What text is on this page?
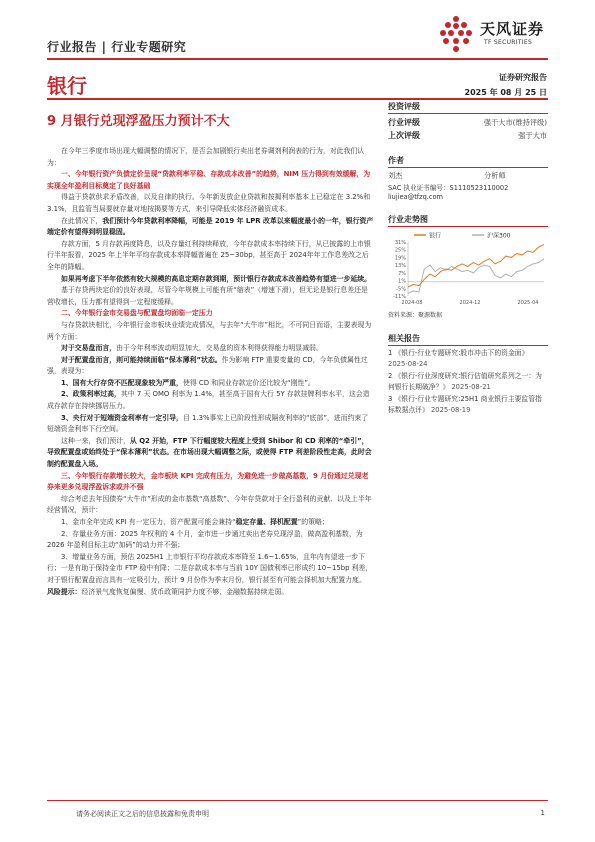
行业报告 | 行业专题研究
天风证券
TF SECURITIES
银行	证券研究报告
2025 年 08 月 25 日
9 月银行兑现浮盈压力预计不大
投资评级
行业评级	强于大市(维持评级)
上次评级	强于大市
作者
刘杰	分析师
SAC 执业证书编号：S1110523110002
liujiea@tfzq.com
行业走势图
银行	沪深300
31%
25%
19%
13%
7%
1%
-5%
-11%
2024-08	2024-12	2025-04
资料来源：聚源数据
相关报告
1 《银行-行业专题研究:股市冲击下的资金面》 2025-08-24
2 《银行-行业深度研究:银行估值研究系列之一：为何银行长期破净？》 2025-08-21
3 《银行-行业专题研究:25H1 商业银行主要监管指标数据点评》 2025-08-19

在今年三季度市场出现大幅调整的情况下，是否会加剧银行卖出老券调剂利润表的行为，对此我们认为：

一、今年银行资产负债定价呈现“贷款利率平稳、存款成本改善”的趋势，NIM 压力得到有效缓解，为实现全年盈利目标奠定了良好基础

得益于贷款供求矛盾改善，以及自律的执行。今年新发放企业贷款和按揭利率基本上已稳定在 3.2%和 3.1%，且监管当局要就存量对地按揭要等方式，来引导降低实体经济融资成本。

在此情况下，我们预计今年贷款利率降幅，可能是 2019 年 LPR 改革以来幅度最小的一年，银行资产端定价有望得到明显稳固。

存款方面，5 月存款再度降息，以及存量红利持续释放，今年存款成本率持续下行，从已披露的上市银行半年报看，2025 年上半年平均存款成本率降幅普遍在 25~30bp，甚至高于 2024年年工作息差改之后全年的降幅。

如果再考虑下半年依然有较大规模的高息定期存款到期，预计银行存款成本改善趋势有望进一步延续。

基于存贷两块定价的良好表现，尽管今年规模上可能有所“缩表”（增速下滑），但无论是银行息差还是营收增长，压力都有望得到一定程度缓释。

二、今年银行金市交易盘与配置盘均面临一定压力

与存贷款块相比，今年银行金市板块业绩完成情况，与去年“大牛市”相比，不可同日而语，主要表现为两个方面：

对于交易盘而言，由于今年利率波动明显加大，交易盘的资本利得获得能力明显减弱。

对于配置盘而言，则可能持续面临“保本薄利”状态。作为影响 FTP 重要变量的 CD，今年负债属性过强，表现为：

1、国有大行存贷不匹配现象较为严重，使得 CD 和同业存款定价还比较为“刚性”。

2、政策利率过高，其中 7 天 OMO 利率为 1.4%，甚至高于国有大行 5Y 存款挂牌利率水平，这会造成存款存在持续挪居压力。

3、央行对于短端资金利率有一定引导，目 1.3%事实上已阶段性形成隔夜利率的“底部”，进而约束了短端资金利率下行空间。

这种一来，我们预计，从 Q2 开始，FTP 下行幅度较大程度上受到 Shibor 和 CD 利率的“牵引”，导致配置盘或始终处于“保本薄利”状态。在市场出现大幅调整之际，或使得 FTP 利差阶段性走高，此时会制约配置盘入场。

三、今年银行存款增长较大，金市板块 KPI 完成有压力，为避免进一步做高基数，9 月份通过兑现老券来更多兑现浮盈诉求或并不强

综合考虑去年因债券“大牛市”形成的金市基数“高基数”、今年存贷款对于全行盈利的贡献、以及上半年经营情况，预计：

1、金市全年完成 KPI 有一定压力，资产配置可能会兼持“稳定存量、择机配置”的策略；

2、存量业务方面：2025 年权利的 4 个月，金市进一步通过卖出老券兑现浮盈，做高盈利基数，为 2026 年盈利目标主动“加码”的动力并不强；

3、增量业务方面，预估 2025H1 上市银行平均存款成本率降至 1.6~1.65%，且年内有望进一步下行；一是有助于保持金市 FTP 稳中有降；二是存款成本率与当前 10Y 国债利率已形成约 10~15bp 利差，对于银行配置盘而言具有一定吸引力，预计 9 月份作为季末月份，银行甚至有可能会择机加大配置力度。

风险提示：经济景气度恢复偏慢、货币政策同护力度不够、金融数据持续走弱。

请务必阅读正文之后的信息披露和免责申明	1
